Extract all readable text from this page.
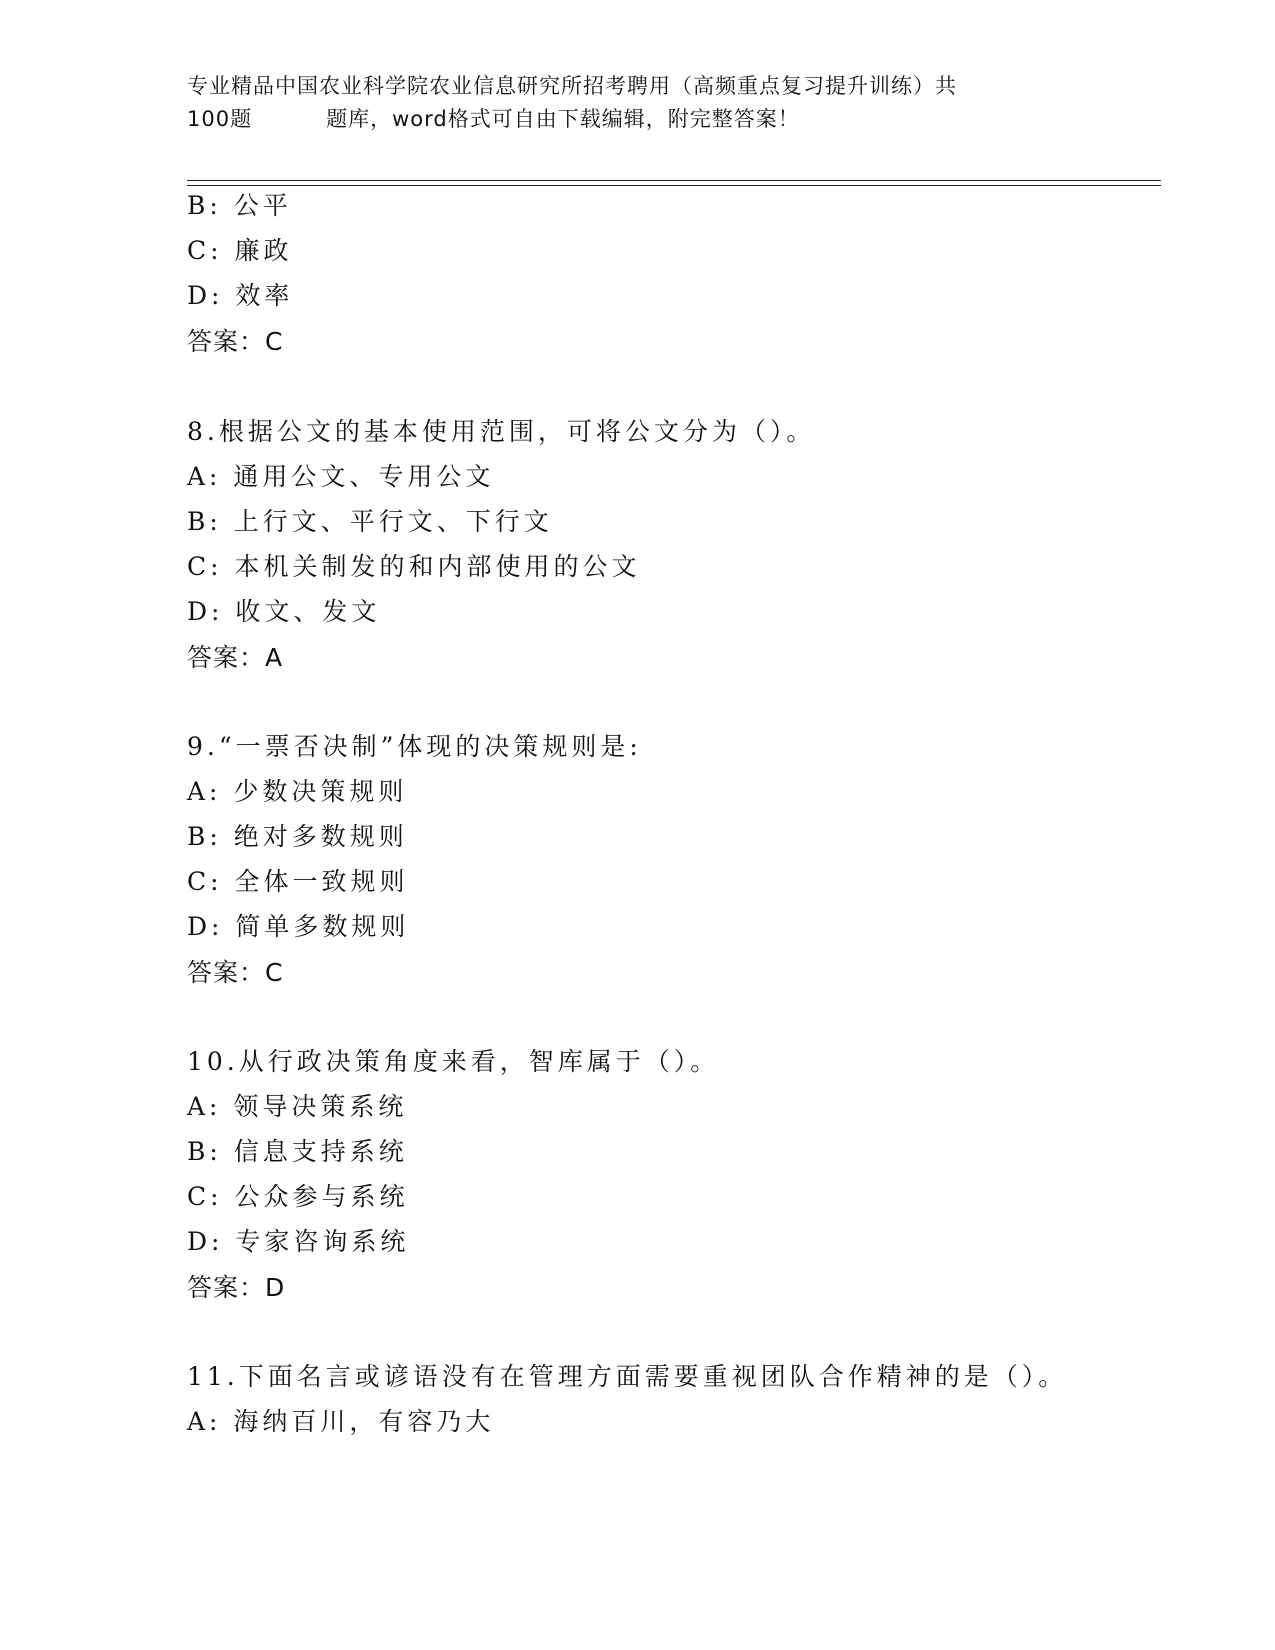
专业精品中国农业科学院农业信息研究所招考聘用（高频重点复习提升训练）共
100题	题库，word格式可自由下载编辑，附完整答案！
B: 公平
C: 廉政
D: 效率
答案：C
8.根据公文的基本使用范围，可将公文分为（）。
A: 通用公文、专用公文
B: 上行文、平行文、下行文
C: 本机关制发的和内部使用的公文
D: 收文、发文
答案：A
9.“一票否决制”体现的决策规则是:
A: 少数决策规则
B: 绝对多数规则
C: 全体一致规则
D: 简单多数规则
答案：C
10.从行政决策角度来看，智库属于（）。
A: 领导决策系统
B: 信息支持系统
C: 公众参与系统
D: 专家咨询系统
答案：D
11.下面名言或谚语没有在管理方面需要重视团队合作精神的是（）。
A: 海纳百川，有容乃大
